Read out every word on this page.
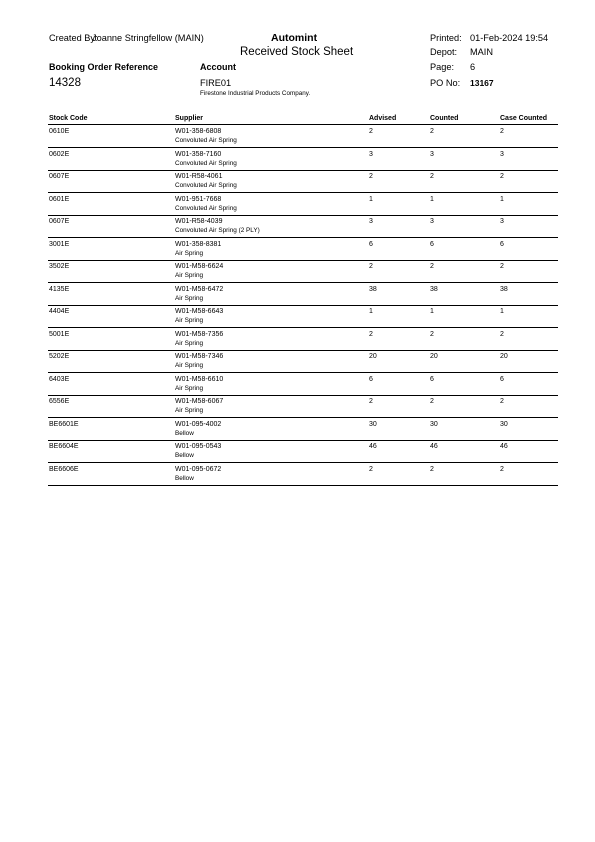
Created By:
Joanne Stringfellow (MAIN)	Automint
Received Stock Sheet
Printed: 01-Feb-2024 19:54
Depot: MAIN
Page: 6
Booking Order Reference
14328
Account
FIRE01
Firestone Industrial Products Company.
PO No: 13167
Stock Code	Supplier	Advised	Counted	Case Counted
0610E	W01-358-6808	2	2	2
Convoluted Air Spring
0602E	W01-358-7160	3	3	3
Convoluted Air Spring
0607E	W01-R58-4061	2	2	2
Convoluted Air Spring
0601E	W01-951-7668	1	1	1
Convoluted Air Spring
0607E	W01-R58-4039	3	3	3
Convoluted Air Spring (2 PLY)
3001E	W01-358-8381	6	6	6
Air Spring
3502E	W01-M58-6624	2	2	2
Air Spring
4135E	W01-M58-6472	38	38	38
Air Spring
4404E	W01-M58-6643	1	1	1
Air Spring
5001E	W01-M58-7356	2	2	2
Air Spring
5202E	W01-M58-7346	20	20	20
Air Spring
6403E	W01-M58-6610	6	6	6
Air Spring
6556E	W01-M58-6067	2	2	2
Air Spring
BE6601E	W01-095-4002	30	30	30
Bellow
BE6604E	W01-095-0543	46	46	46
Bellow
BE6606E	W01-095-0672	2	2	2
Bellow
